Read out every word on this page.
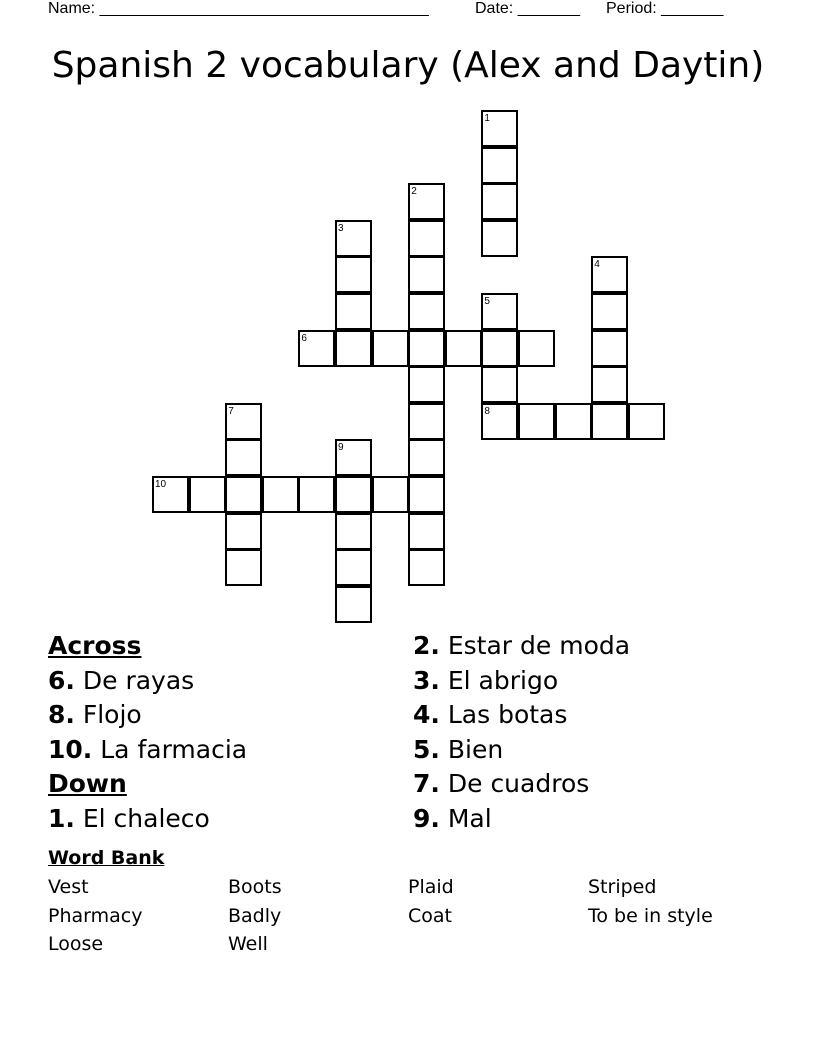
Name: _____________________________________	Date: _______ Period: _______
Spanish 2 vocabulary (Alex and Daytin)
1
2
3
4
5
6
7	8
9
10
Across
6. De rayas
8. Flojo
10. La farmacia
Down
1. El chaleco
2. Estar de moda
3. El abrigo
4. Las botas
5. Bien
7. De cuadros
9. Mal
Word Bank
Vest	Boots	Plaid	Striped
Pharmacy	Badly	Coat	To be in style
Loose	Well
